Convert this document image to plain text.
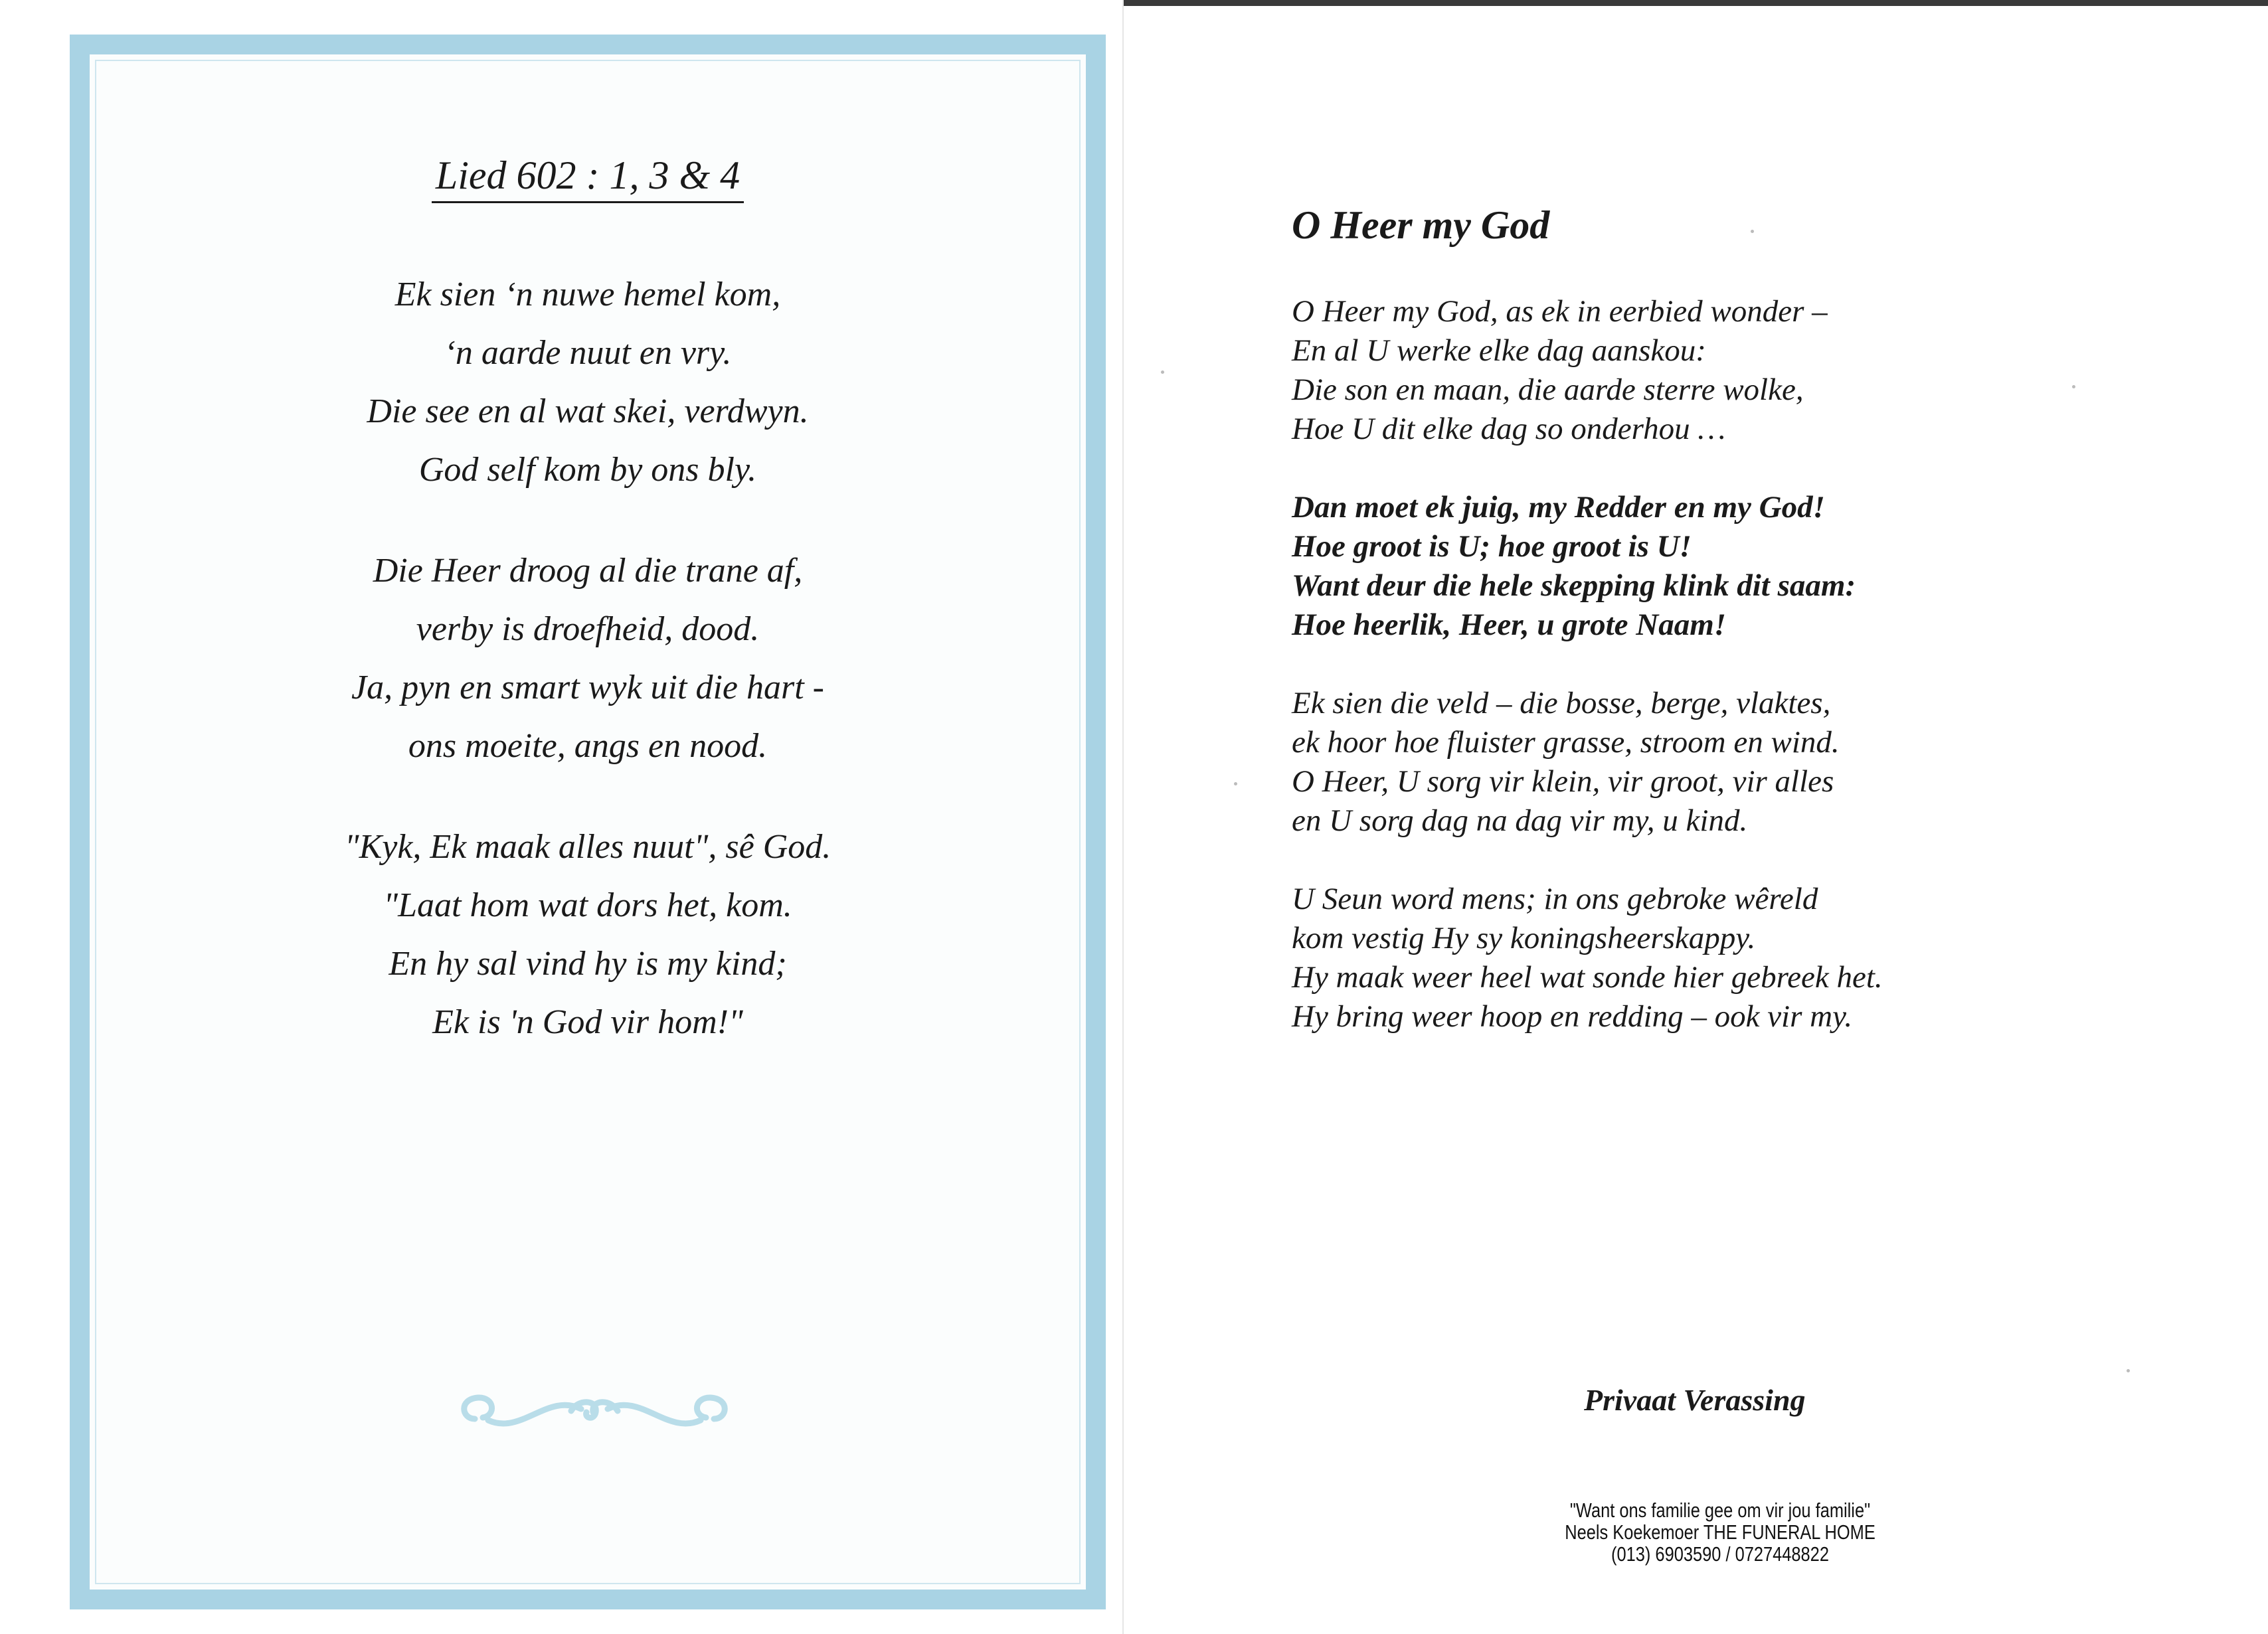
Lied 602 : 1, 3 & 4
Ek sien ‘n nuwe hemel kom,
‘n aarde nuut en vry.
Die see en al wat skei, verdwyn.
God self kom by ons bly.
Die Heer droog al die trane af,
verby is droefheid, dood.
Ja, pyn en smart wyk uit die hart -
ons moeite, angs en nood.
"Kyk, Ek maak alles nuut", sê God.
"Laat hom wat dors het, kom.
En hy sal vind hy is my kind;
Ek is 'n God vir hom!"
O Heer my God
O Heer my God, as ek in eerbied wonder –
En al U werke elke dag aanskou:
Die son en maan, die aarde sterre wolke,
Hoe U dit elke dag so onderhou …
Dan moet ek juig, my Redder en my God!
Hoe groot is U; hoe groot is U!
Want deur die hele skepping klink dit saam:
Hoe heerlik, Heer, u grote Naam!
Ek sien die veld – die bosse, berge, vlaktes,
ek hoor hoe fluister grasse, stroom en wind.
O Heer, U sorg vir klein, vir groot, vir alles
en U sorg dag na dag vir my, u kind.
U Seun word mens; in ons gebroke wêreld
kom vestig Hy sy koningsheerskappy.
Hy maak weer heel wat sonde hier gebreek het.
Hy bring weer hoop en redding – ook vir my.
Privaat Verassing
"Want ons familie gee om vir jou familie"
Neels Koekemoer THE FUNERAL HOME
(013) 6903590 / 0727448822
